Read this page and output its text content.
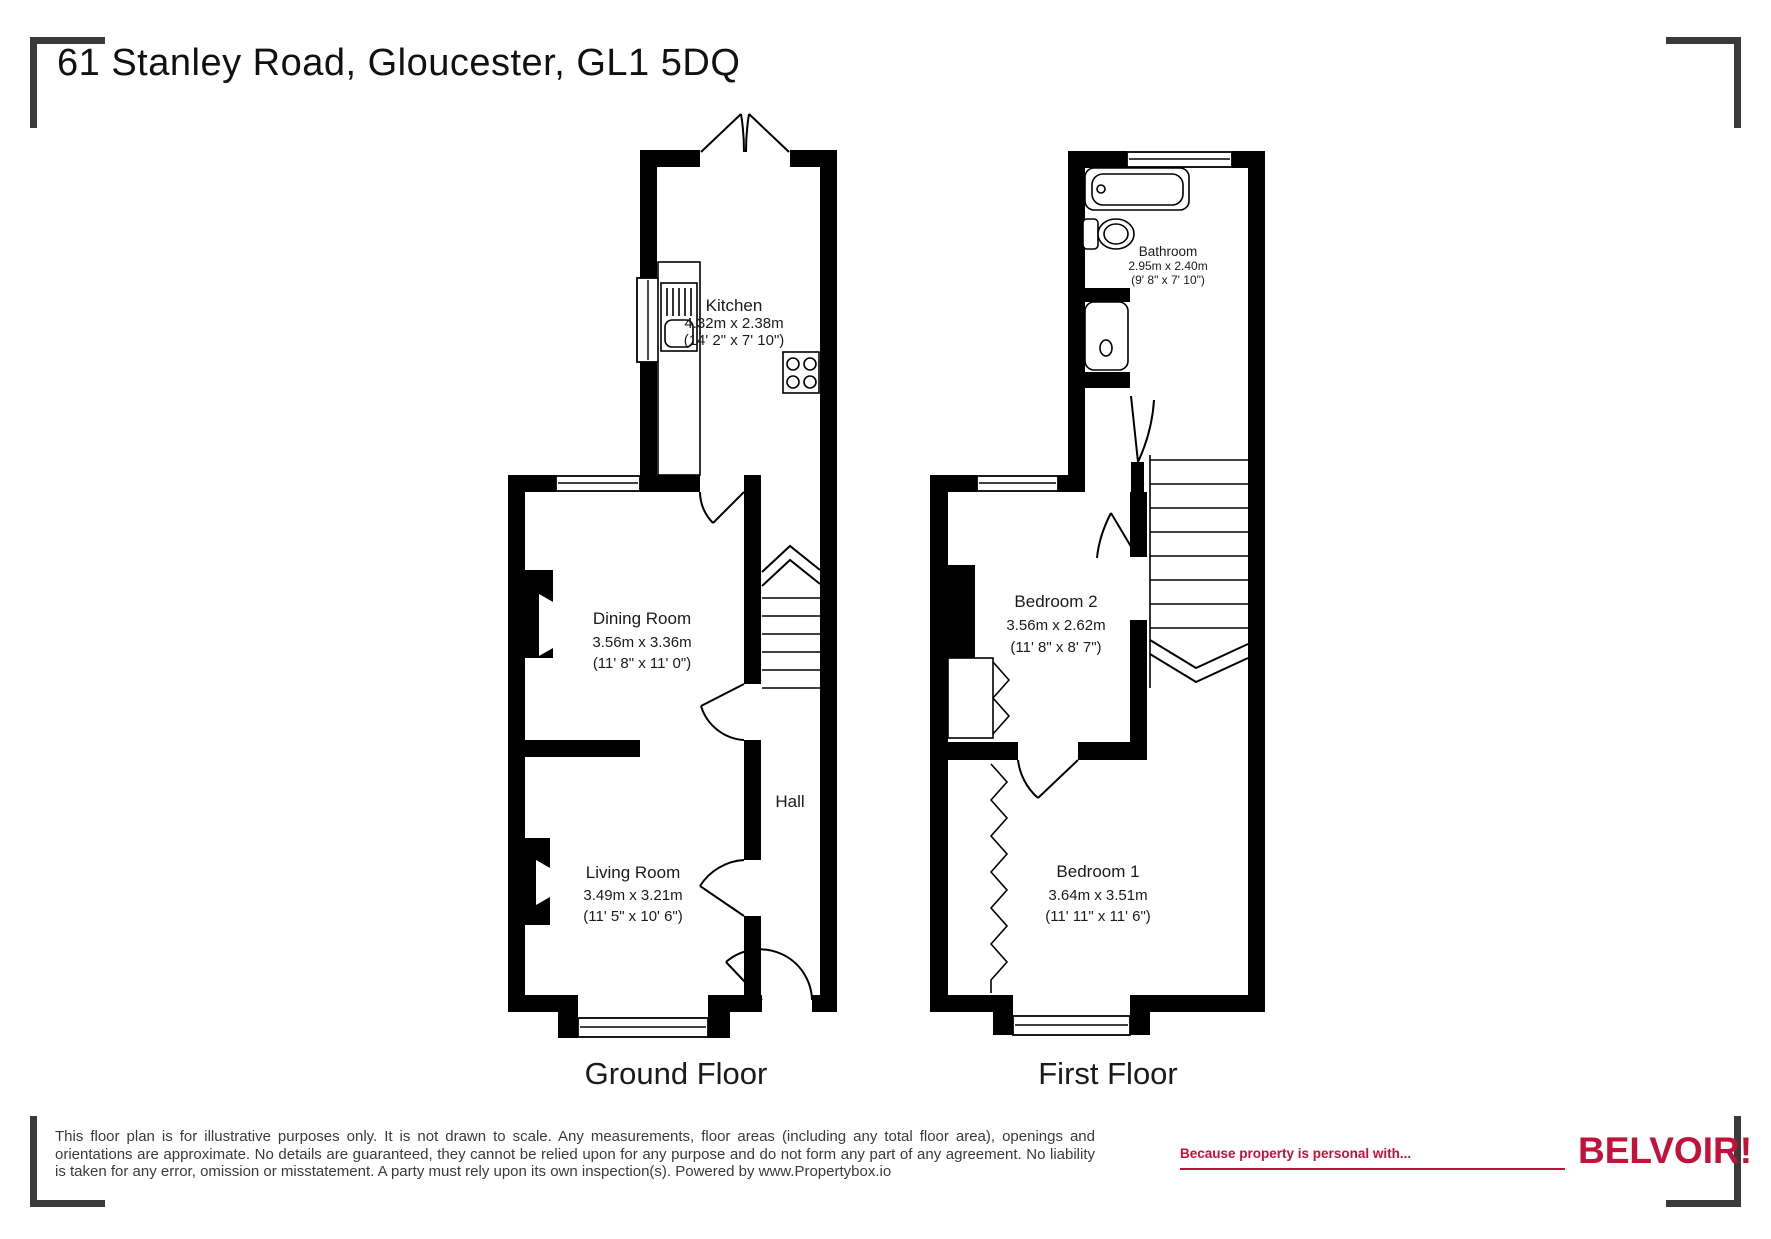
61 Stanley Road, Gloucester, GL1 5DQ
Kitchen
4.32m x 2.38m
(14' 2" x 7' 10")
Dining Room
3.56m x 3.36m
(11' 8" x 11' 0")
Hall
Living Room
3.49m x 3.21m
(11' 5" x 10' 6")
Bathroom
2.95m x 2.40m
(9' 8" x 7' 10")
Bedroom 2
3.56m x 2.62m
(11' 8" x 8' 7")
Bedroom 1
3.64m x 3.51m
(11' 11" x 11' 6")
Ground Floor	First Floor
This floor plan is for illustrative purposes only. It is not drawn to scale. Any measurements, floor areas (including any total floor area), openings and orientations are approximate. No details are guaranteed, they cannot be relied upon for any purpose and do not form any part of any agreement. No liability is taken for any error, omission or misstatement. A party must rely upon its own inspection(s). Powered by www.Propertybox.io
Because property is personal with...	BELVOIR!
